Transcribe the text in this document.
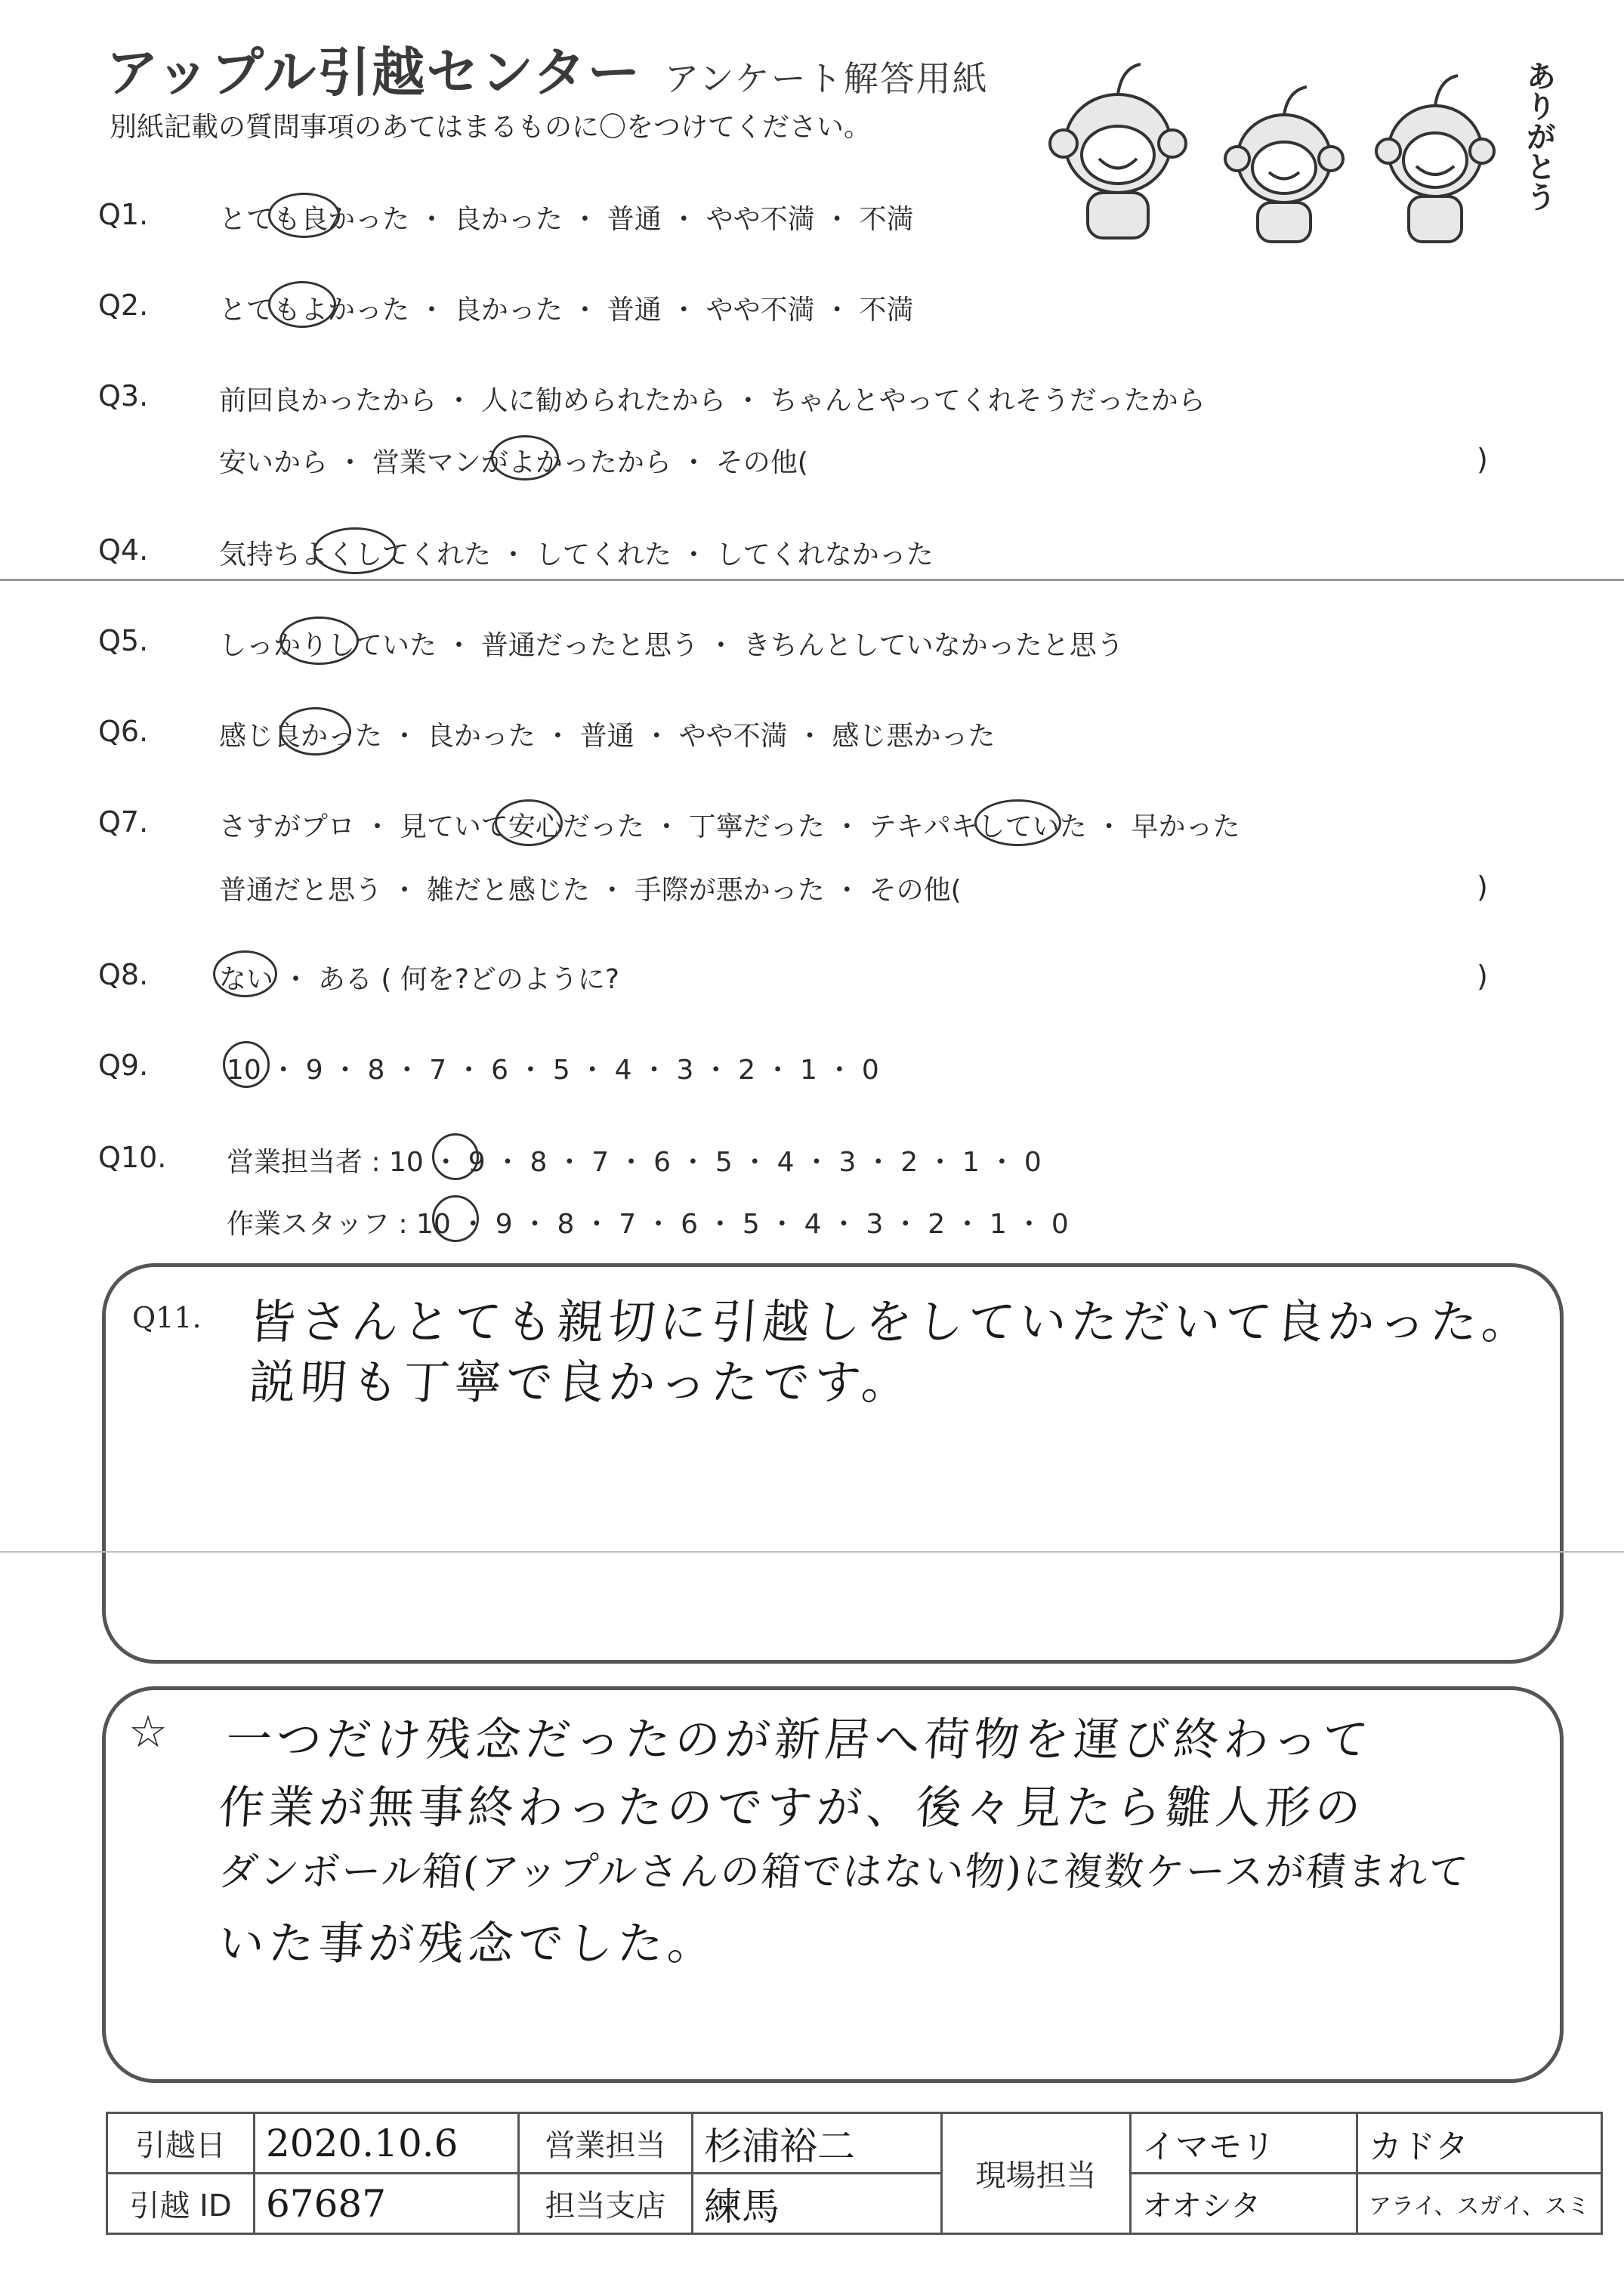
アップル引越センター アンケート解答用紙
別紙記載の質問事項のあてはまるものに〇をつけてください。	ありがとう
Q1.	とても良かった ・ 良かった ・ 普通 ・ やや不満 ・ 不満
Q2.	とてもよかった ・ 良かった ・ 普通 ・ やや不満 ・ 不満
Q3.	前回良かったから ・ 人に勧められたから ・ ちゃんとやってくれそうだったから
安いから ・ 営業マンがよかったから ・ その他(	)
Q4.	気持ちよくしてくれた ・ してくれた ・ してくれなかった
Q5.	しっかりしていた ・ 普通だったと思う ・ きちんとしていなかったと思う
Q6.	感じ良かった ・ 良かった ・ 普通 ・ やや不満 ・ 感じ悪かった
Q7.	さすがプロ ・ 見ていて安心だった ・ 丁寧だった ・ テキパキしていた ・ 早かった
普通だと思う ・ 雑だと感じた ・ 手際が悪かった ・ その他(	)
Q8.	ない ・ ある ( 何を?どのように?	)
Q9.	10 ・ 9 ・ 8 ・ 7 ・ 6 ・ 5 ・ 4 ・ 3 ・ 2 ・ 1 ・ 0
Q10. 営業担当者 : 10 ・ 9 ・ 8 ・ 7 ・ 6 ・ 5 ・ 4 ・ 3 ・ 2 ・ 1 ・ 0
作業スタッフ : 10 ・ 9 ・ 8 ・ 7 ・ 6 ・ 5 ・ 4 ・ 3 ・ 2 ・ 1 ・ 0
Q11. 皆さんとても親切に引越しをしていただいて良かった。
説明も丁寧で良かったです。
☆ 一つだけ残念だったのが新居へ荷物を運び終わって
作業が無事終わったのですが、後々見たら雛人形の
ダンボール箱(アップルさんの箱ではない物)に複数ケースが積まれて
いた事が残念でした。
引越日	2020.10.6	営業担当	杉浦裕二	現場担当	イマモリ	カドタ
引越 ID	67687	担当支店	練馬		オオシタ	アライ、スガイ、スミ
